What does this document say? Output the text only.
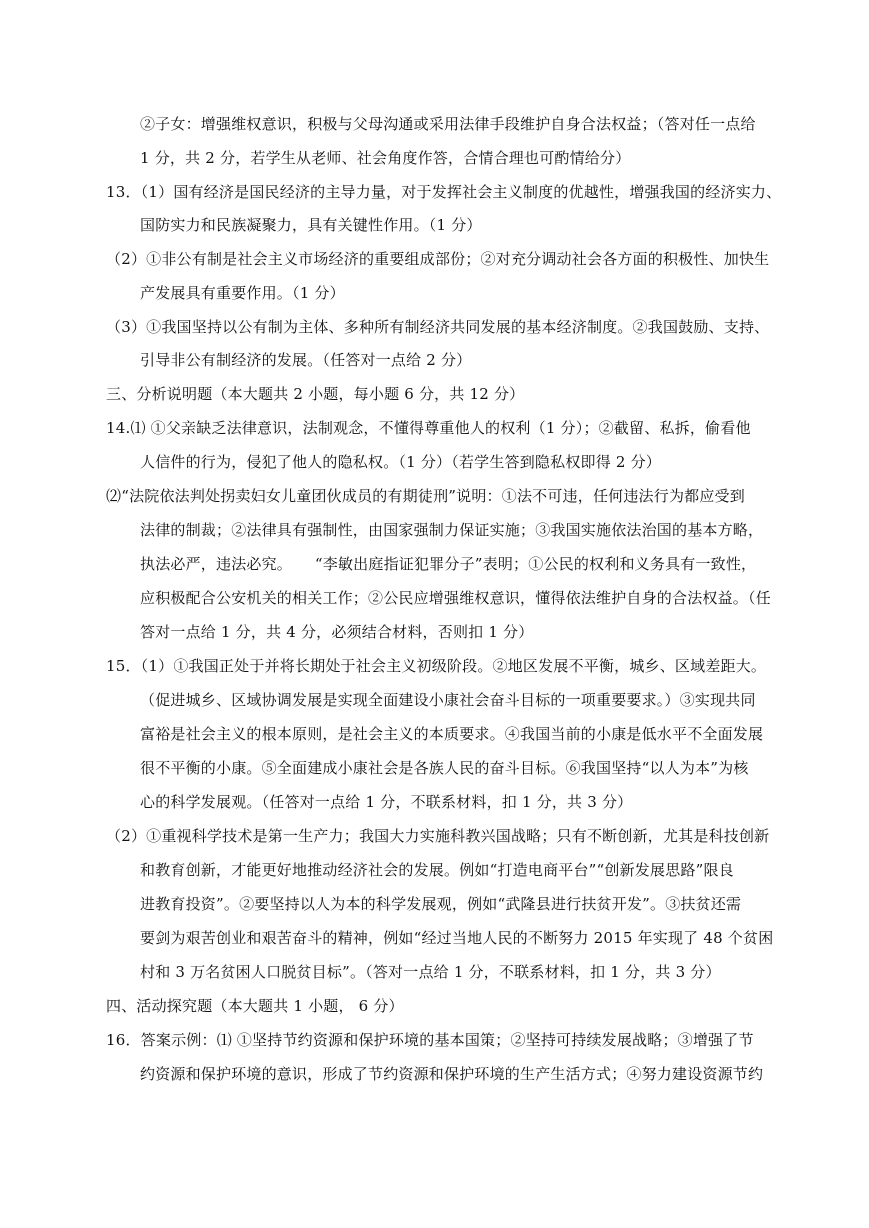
②子女：增强维权意识，积极与父母沟通或采用法律手段维护自身合法权益；（答对任一点给
1 分，共 2 分，若学生从老师、社会角度作答，合情合理也可酌情给分）
13．（1）国有经济是国民经济的主导力量，对于发挥社会主义制度的优越性，增强我国的经济实力、
国防实力和民族凝聚力，具有关键性作用。（1 分）
（2）①非公有制是社会主义市场经济的重要组成部份；②对充分调动社会各方面的积极性、加快生
产发展具有重要作用。（1 分）
（3）①我国坚持以公有制为主体、多种所有制经济共同发展的基本经济制度。②我国鼓励、支持、
引导非公有制经济的发展。（任答对一点给 2 分）
三、分析说明题（本大题共 2 小题，每小题 6 分，共 12 分）
14.⑴ ①父亲缺乏法律意识，法制观念，不懂得尊重他人的权利（1 分）；②截留、私拆，偷看他
人信件的行为，侵犯了他人的隐私权。（1 分）（若学生答到隐私权即得 2 分）
⑵“法院依法判处拐卖妇女儿童团伙成员的有期徒刑”说明：①法不可违，任何违法行为都应受到
法律的制裁；②法律具有强制性，由国家强制力保证实施；③我国实施依法治国的基本方略，
执法必严，违法必究。　　“李敏出庭指证犯罪分子”表明；①公民的权利和义务具有一致性，
应积极配合公安机关的相关工作；②公民应增强维权意识，懂得依法维护自身的合法权益。（任
答对一点给 1 分，共 4 分，必须结合材料，否则扣 1 分）
15．（1）①我国正处于并将长期处于社会主义初级阶段。②地区发展不平衡，城乡、区域差距大。
（促进城乡、区域协调发展是实现全面建设小康社会奋斗目标的一项重要要求。）③实现共同
富裕是社会主义的根本原则，是社会主义的本质要求。④我国当前的小康是低水平不全面发展
很不平衡的小康。⑤全面建成小康社会是各族人民的奋斗目标。⑥我国坚持“以人为本”为核
心的科学发展观。（任答对一点给 1 分，不联系材料，扣 1 分，共 3 分）
（2）①重视科学技术是第一生产力；我国大力实施科教兴国战略；只有不断创新，尤其是科技创新
和教育创新，才能更好地推动经济社会的发展。例如“打造电商平台”“创新发展思路”限良
进教育投资”。②要坚持以人为本的科学发展观，例如“武隆县进行扶贫开发”。③扶贫还需
要剑为艰苦创业和艰苦奋斗的精神，例如“经过当地人民的不断努力 2015 年实现了 48 个贫困
村和 3 万名贫困人口脱贫目标”。（答对一点给 1 分，不联系材料，扣 1 分，共 3 分）
四、活动探究题（本大题共 1 小题， 6 分）
16．答案示例：⑴ ①坚持节约资源和保护环境的基本国策；②坚持可持续发展战略；③增强了节
约资源和保护环境的意识，形成了节约资源和保护环境的生产生活方式；④努力建设资源节约
